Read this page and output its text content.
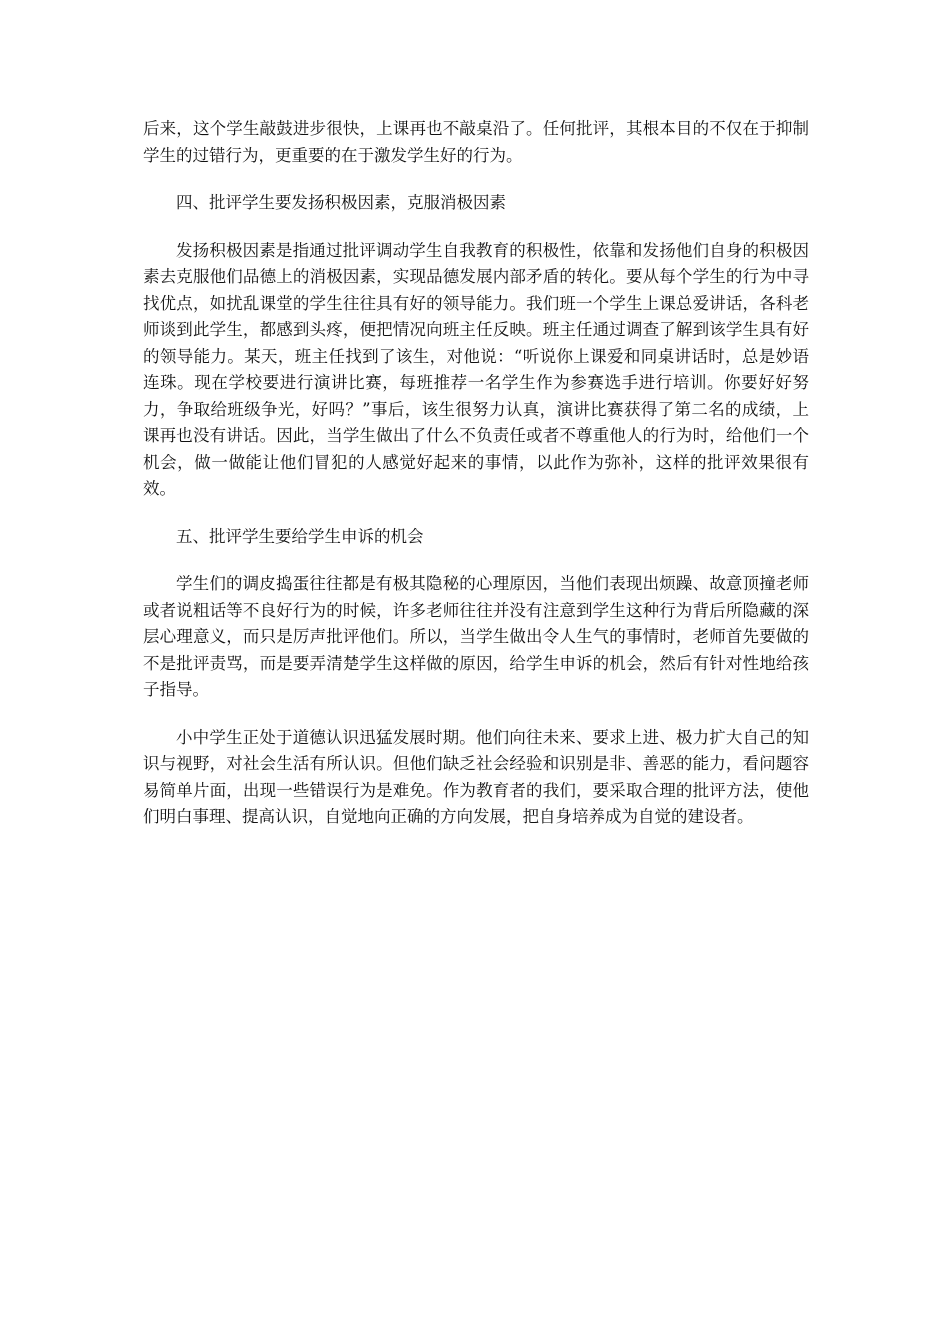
后来，这个学生敲鼓进步很快，上课再也不敲桌沿了。任何批评，其根本目的不仅在于抑制学生的过错行为，更重要的在于激发学生好的行为。

四、批评学生要发扬积极因素，克服消极因素

发扬积极因素是指通过批评调动学生自我教育的积极性，依靠和发扬他们自身的积极因素去克服他们品德上的消极因素，实现品德发展内部矛盾的转化。要从每个学生的行为中寻找优点，如扰乱课堂的学生往往具有好的领导能力。我们班一个学生上课总爱讲话，各科老师谈到此学生，都感到头疼，便把情况向班主任反映。班主任通过调查了解到该学生具有好的领导能力。某天，班主任找到了该生，对他说：“听说你上课爱和同桌讲话时，总是妙语连珠。现在学校要进行演讲比赛，每班推荐一名学生作为参赛选手进行培训。你要好好努力，争取给班级争光，好吗？”事后，该生很努力认真，演讲比赛获得了第二名的成绩，上课再也没有讲话。因此，当学生做出了什么不负责任或者不尊重他人的行为时，给他们一个机会，做一做能让他们冒犯的人感觉好起来的事情，以此作为弥补，这样的批评效果很有效。

五、批评学生要给学生申诉的机会

学生们的调皮捣蛋往往都是有极其隐秘的心理原因，当他们表现出烦躁、故意顶撞老师或者说粗话等不良好行为的时候，许多老师往往并没有注意到学生这种行为背后所隐藏的深层心理意义，而只是厉声批评他们。所以，当学生做出令人生气的事情时，老师首先要做的不是批评责骂，而是要弄清楚学生这样做的原因，给学生申诉的机会，然后有针对性地给孩子指导。

小中学生正处于道德认识迅猛发展时期。他们向往未来、要求上进、极力扩大自己的知识与视野，对社会生活有所认识。但他们缺乏社会经验和识别是非、善恶的能力，看问题容易简单片面，出现一些错误行为是难免。作为教育者的我们，要采取合理的批评方法，使他们明白事理、提高认识，自觉地向正确的方向发展，把自身培养成为自觉的建设者。
